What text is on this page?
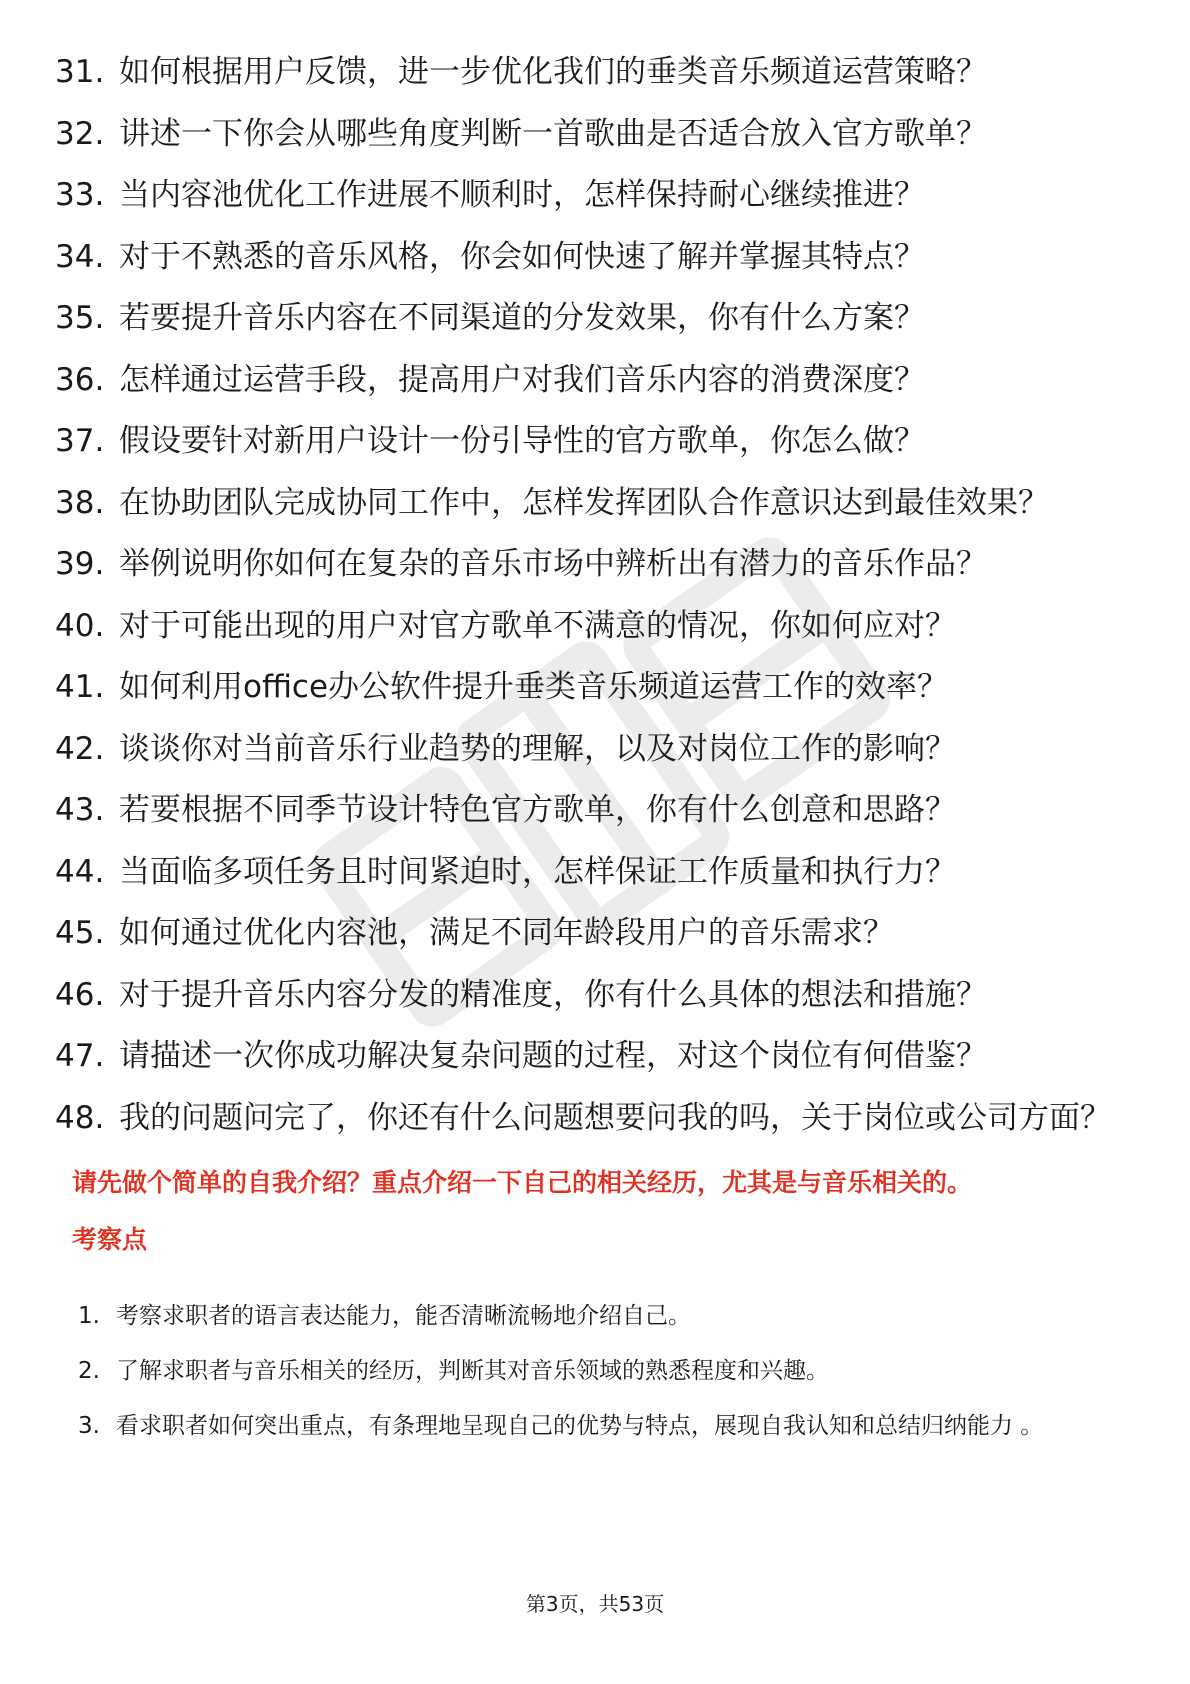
31. 如何根据用户反馈，进一步优化我们的垂类音乐频道运营策略？
32. 讲述一下你会从哪些角度判断一首歌曲是否适合放入官方歌单？
33. 当内容池优化工作进展不顺利时，怎样保持耐心继续推进？
34. 对于不熟悉的音乐风格，你会如何快速了解并掌握其特点？
35. 若要提升音乐内容在不同渠道的分发效果，你有什么方案？
36. 怎样通过运营手段，提高用户对我们音乐内容的消费深度？
37. 假设要针对新用户设计一份引导性的官方歌单，你怎么做？
38. 在协助团队完成协同工作中，怎样发挥团队合作意识达到最佳效果？
39. 举例说明你如何在复杂的音乐市场中辨析出有潜力的音乐作品？
40. 对于可能出现的用户对官方歌单不满意的情况，你如何应对？
41. 如何利用office办公软件提升垂类音乐频道运营工作的效率？
42. 谈谈你对当前音乐行业趋势的理解，以及对岗位工作的影响？
43. 若要根据不同季节设计特色官方歌单，你有什么创意和思路？
44. 当面临多项任务且时间紧迫时，怎样保证工作质量和执行力？
45. 如何通过优化内容池，满足不同年龄段用户的音乐需求？
46. 对于提升音乐内容分发的精准度，你有什么具体的想法和措施？
47. 请描述一次你成功解决复杂问题的过程，对这个岗位有何借鉴？
48. 我的问题问完了，你还有什么问题想要问我的吗，关于岗位或公司方面？

请先做个简单的自我介绍？重点介绍一下自己的相关经历，尤其是与音乐相关的。

考察点

1. 考察求职者的语言表达能力，能否清晰流畅地介绍自己。
2. 了解求职者与音乐相关的经历，判断其对音乐领域的熟悉程度和兴趣。
3. 看求职者如何突出重点，有条理地呈现自己的优势与特点，展现自我认知和总结归纳能力 。
第3页，共53页
